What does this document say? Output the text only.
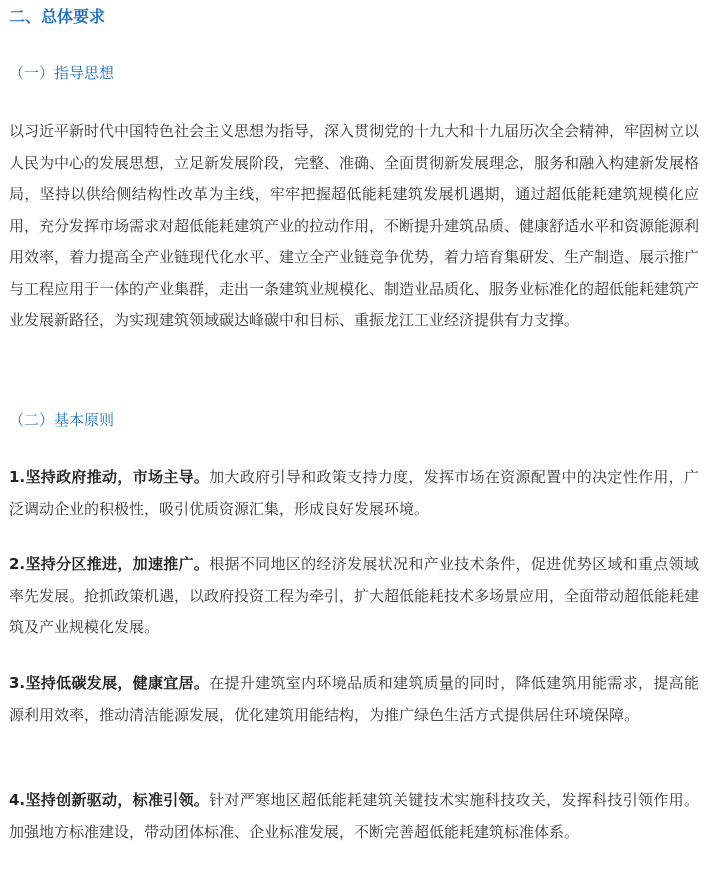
二、总体要求
（一）指导思想

以习近平新时代中国特色社会主义思想为指导，深入贯彻党的十九大和十九届历次全会精神，牢固树立以人民为中心的发展思想，立足新发展阶段，完整、准确、全面贯彻新发展理念，服务和融入构建新发展格局，坚持以供给侧结构性改革为主线，牢牢把握超低能耗建筑发展机遇期，通过超低能耗建筑规模化应用，充分发挥市场需求对超低能耗建筑产业的拉动作用，不断提升建筑品质、健康舒适水平和资源能源利用效率，着力提高全产业链现代化水平、建立全产业链竞争优势，着力培育集研发、生产制造、展示推广与工程应用于一体的产业集群，走出一条建筑业规模化、制造业品质化、服务业标准化的超低能耗建筑产业发展新路径，为实现建筑领域碳达峰碳中和目标、重振龙江工业经济提供有力支撑。

（二）基本原则

1.坚持政府推动，市场主导。加大政府引导和政策支持力度，发挥市场在资源配置中的决定性作用，广泛调动企业的积极性，吸引优质资源汇集，形成良好发展环境。

2.坚持分区推进，加速推广。根据不同地区的经济发展状况和产业技术条件，促进优势区域和重点领域率先发展。抢抓政策机遇，以政府投资工程为牵引，扩大超低能耗技术多场景应用，全面带动超低能耗建筑及产业规模化发展。

3.坚持低碳发展，健康宜居。在提升建筑室内环境品质和建筑质量的同时，降低建筑用能需求，提高能源利用效率，推动清洁能源发展，优化建筑用能结构，为推广绿色生活方式提供居住环境保障。

4.坚持创新驱动，标准引领。针对严寒地区超低能耗建筑关键技术实施科技攻关，发挥科技引领作用。加强地方标准建设，带动团体标准、企业标准发展，不断完善超低能耗建筑标准体系。
